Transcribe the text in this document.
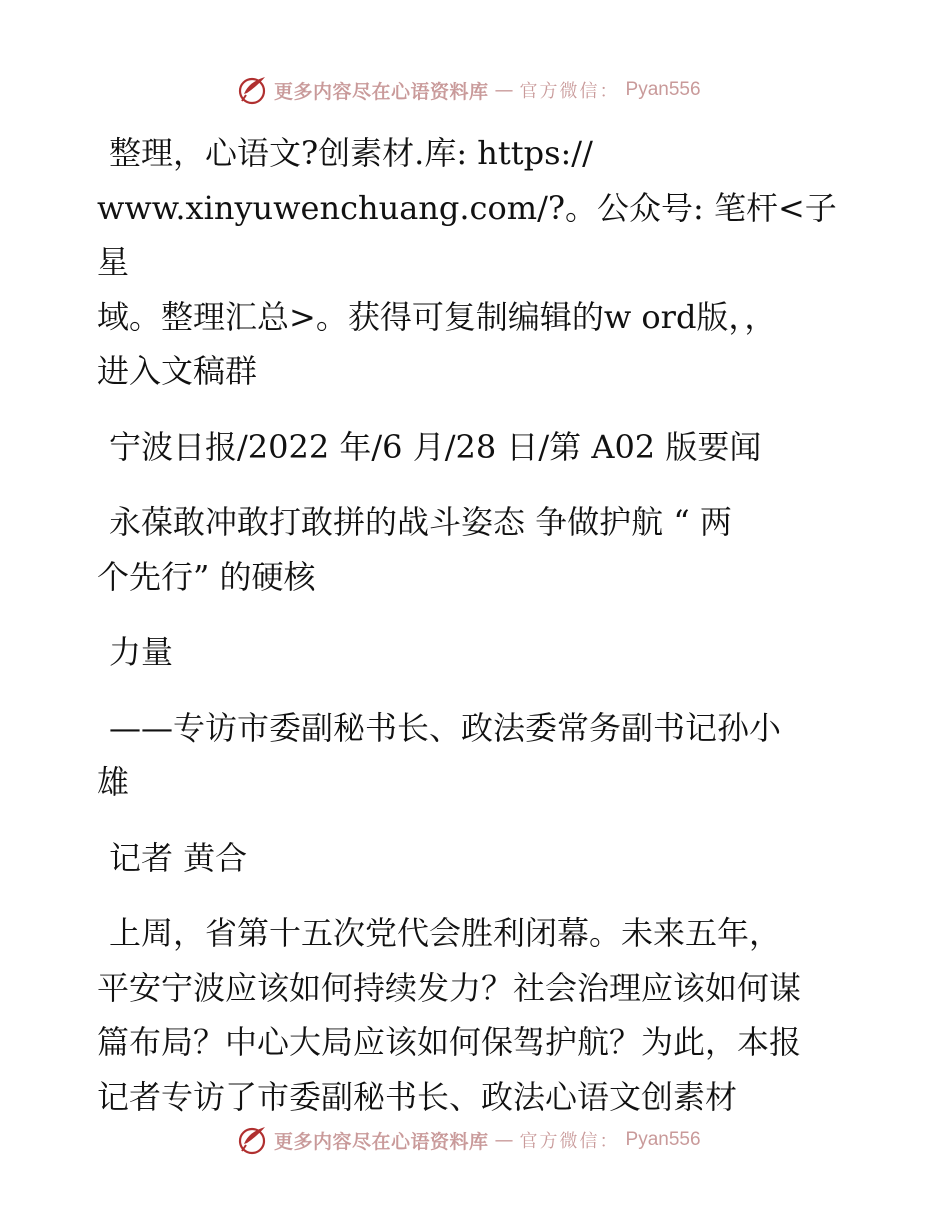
更多内容尽在心语资料库 — 官方微信： Pyan556
整理，心语文?创素材.库: https://
www.xinyuwenchuang.com/?。公众号: 笔杆<子星
域。整理汇总>。获得可复制编辑的w ord版，，
进入文稿群
宁波日报/2022 年/6 月/28 日/第 A02 版要闻
永葆敢冲敢打敢拼的战斗姿态 争做护航 “ 两
个先行” 的硬核
力量
——专访市委副秘书长、政法委常务副书记孙小
雄
记者 黄合
上周，省第十五次党代会胜利闭幕。未来五年，
平安宁波应该如何持续发力？社会治理应该如何谋
篇布局？中心大局应该如何保驾护航？为此，本报
记者专访了市委副秘书长、政法心语文创素材
更多内容尽在心语资料库 — 官方微信： Pyan556
